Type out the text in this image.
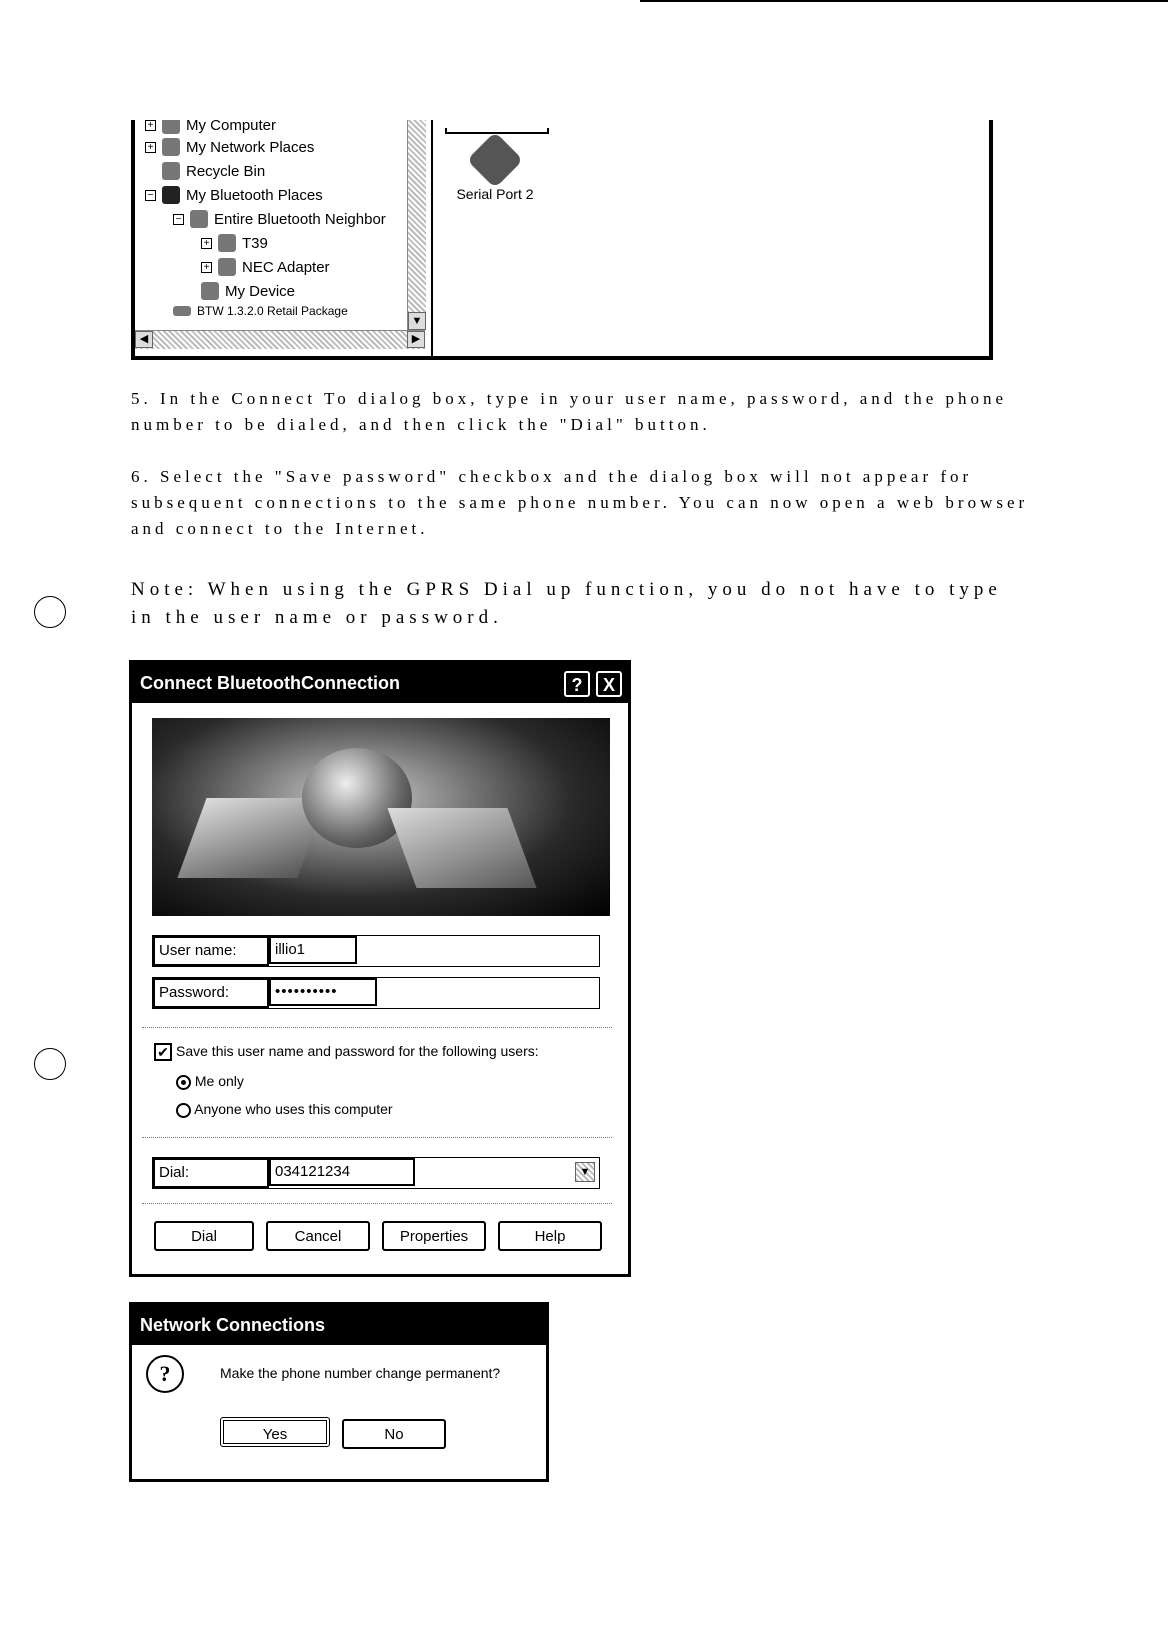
+ My Computer
+ My Network Places
Recycle Bin
− My Bluetooth Places
− Entire Bluetooth Neighbor
+ T39
+ NEC Adapter
My Device
BTW 1.3.2.0 Retail Package
▼
◀	▶
Serial Port 2
5. In the Connect To dialog box, type in your user name, password, and the phone number to be dialed, and then click the "Dial" button.
6. Select the "Save password" checkbox and the dialog box will not appear for subsequent connections to the same phone number. You can now open a web browser and connect to the Internet.
Note: When using the GPRS Dial up function, you do not have to type in the user name or password.
Connect BluetoothConnection	?	X
User name:	illio1
Password:	••••••••••
✔ Save this user name and password for the following users:
Me only
Anyone who uses this computer
Dial:	034121234	▼
Dial	Cancel	Properties	Help
Network Connections
?	Make the phone number change permanent?
Yes	No
